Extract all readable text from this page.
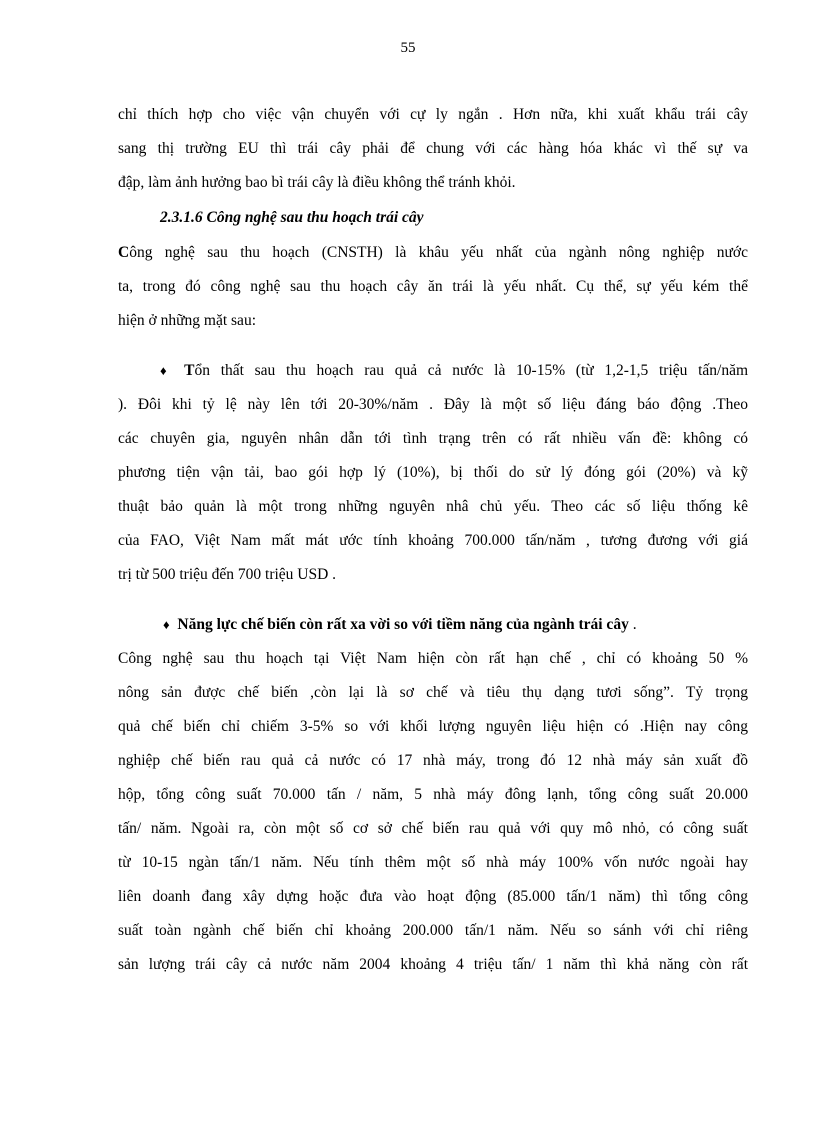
55
chỉ thích hợp cho việc vận chuyển với cự ly ngắn . Hơn nữa, khi xuất khẩu trái cây
sang thị trường EU thì trái cây phải để chung với các hàng hóa khác vì thế sự va
đập, làm ảnh hưởng bao bì trái cây là điều không thể tránh khỏi.
2.3.1.6 Công nghệ sau thu hoạch trái cây
Công nghệ sau thu hoạch (CNSTH) là khâu yếu nhất của ngành nông nghiệp nước
ta, trong đó công nghệ sau thu hoạch cây ăn trái là yếu nhất. Cụ thể, sự yếu kém thể
hiện ở những mặt sau:
♦ Tổn thất sau thu hoạch rau quả cả nước là 10-15% (từ 1,2-1,5 triệu tấn/năm
). Đôi khi tỷ lệ này lên tới 20-30%/năm . Đây là một số liệu đáng báo động .Theo
các chuyên gia, nguyên nhân dẫn tới tình trạng trên có rất nhiều vấn đề: không có
phương tiện vận tải, bao gói hợp lý (10%), bị thối do sử lý đóng gói (20%) và kỹ
thuật bảo quản là một trong những nguyên nhâ chủ yếu. Theo các số liệu thống kê
của FAO, Việt Nam mất mát ước tính khoảng 700.000 tấn/năm , tương đương với giá
trị từ 500 triệu đến 700 triệu USD .
♦ Năng lực chế biến còn rất xa vời so với tiềm năng của ngành trái cây .
Công nghệ sau thu hoạch tại Việt Nam hiện còn rất hạn chế , chỉ có khoảng 50 %
nông sản được chế biến ,còn lại là sơ chế và tiêu thụ dạng tươi sống”. Tỷ trọng
quả chế biến chỉ chiếm 3-5% so với khối lượng nguyên liệu hiện có .Hiện nay công
nghiệp chế biến rau quả cả nước có 17 nhà máy, trong đó 12 nhà máy sản xuất đồ
hộp, tổng công suất 70.000 tấn / năm, 5 nhà máy đông lạnh, tổng công suất 20.000
tấn/ năm. Ngoài ra, còn một số cơ sở chế biến rau quả với quy mô nhỏ, có công suất
từ 10-15 ngàn tấn/1 năm. Nếu tính thêm một số nhà máy 100% vốn nước ngoài hay
liên doanh đang xây dựng hoặc đưa vào hoạt động (85.000 tấn/1 năm) thì tổng công
suất toàn ngành chế biến chỉ khoảng 200.000 tấn/1 năm. Nếu so sánh với chỉ riêng
sản lượng trái cây cả nước năm 2004 khoảng 4 triệu tấn/ 1 năm thì khả năng còn rất
